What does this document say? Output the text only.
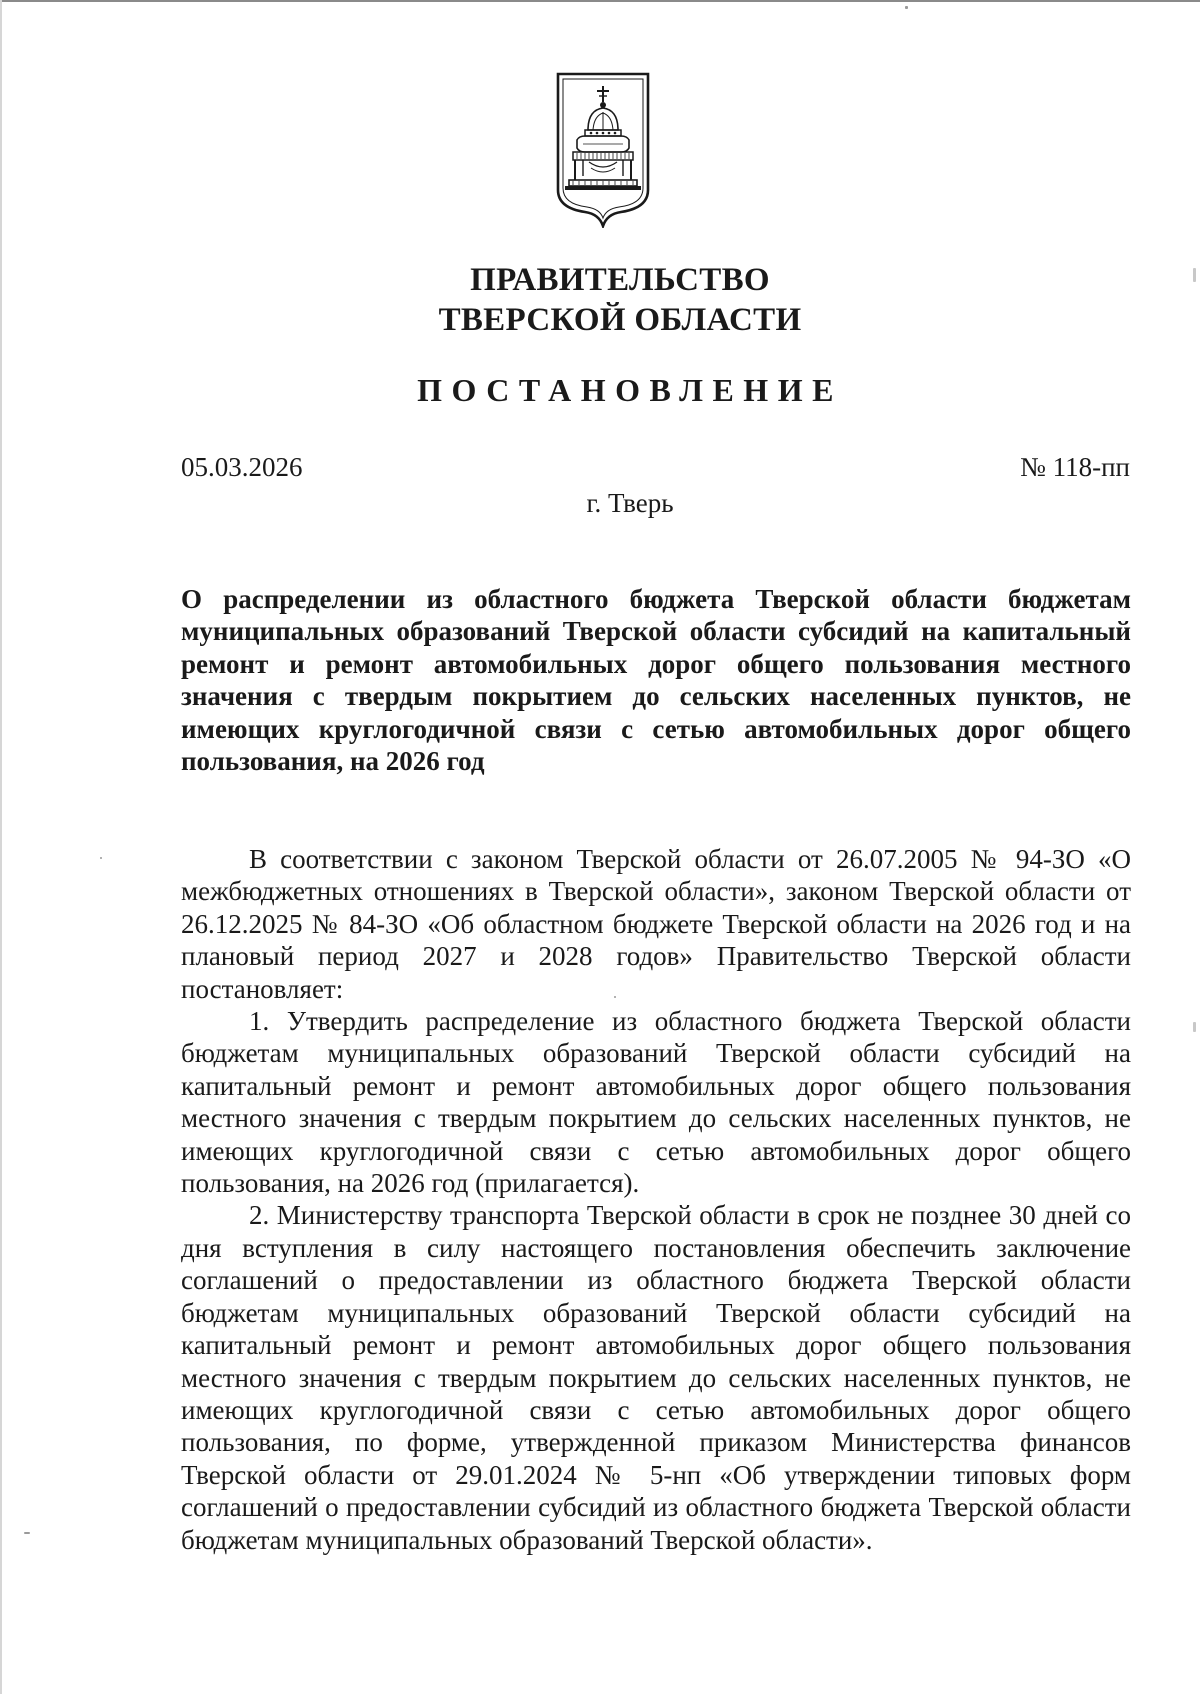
ПРАВИТЕЛЬСТВО
ТВЕРСКОЙ ОБЛАСТИ
ПОСТАНОВЛЕНИЕ
05.03.2026	№ 118-пп
г. Тверь
О распределении из областного бюджета Тверской области бюджетам муниципальных образований Тверской области субсидий на капитальный ремонт и ремонт автомобильных дорог общего пользования местного значения с твердым покрытием до сельских населенных пунктов, не имеющих круглогодичной связи с сетью автомобильных дорог общего пользования, на 2026 год

В соответствии с законом Тверской области от 26.07.2005 № 94-ЗО «О межбюджетных отношениях в Тверской области», законом Тверской области от 26.12.2025 № 84-ЗО «Об областном бюджете Тверской области на 2026 год и на плановый период 2027 и 2028 годов» Правительство Тверской области постановляет:

1. Утвердить распределение из областного бюджета Тверской области бюджетам муниципальных образований Тверской области субсидий на капитальный ремонт и ремонт автомобильных дорог общего пользования местного значения с твердым покрытием до сельских населенных пунктов, не имеющих круглогодичной связи с сетью автомобильных дорог общего пользования, на 2026 год (прилагается).

2. Министерству транспорта Тверской области в срок не позднее 30 дней со дня вступления в силу настоящего постановления обеспечить заключение соглашений о предоставлении из областного бюджета Тверской области бюджетам муниципальных образований Тверской области субсидий на капитальный ремонт и ремонт автомобильных дорог общего пользования местного значения с твердым покрытием до сельских населенных пунктов, не имеющих круглогодичной связи с сетью автомобильных дорог общего пользования, по форме, утвержденной приказом Министерства финансов Тверской области от 29.01.2024 № 5-нп «Об утверждении типовых форм соглашений о предоставлении субсидий из областного бюджета Тверской области бюджетам муниципальных образований Тверской области».
